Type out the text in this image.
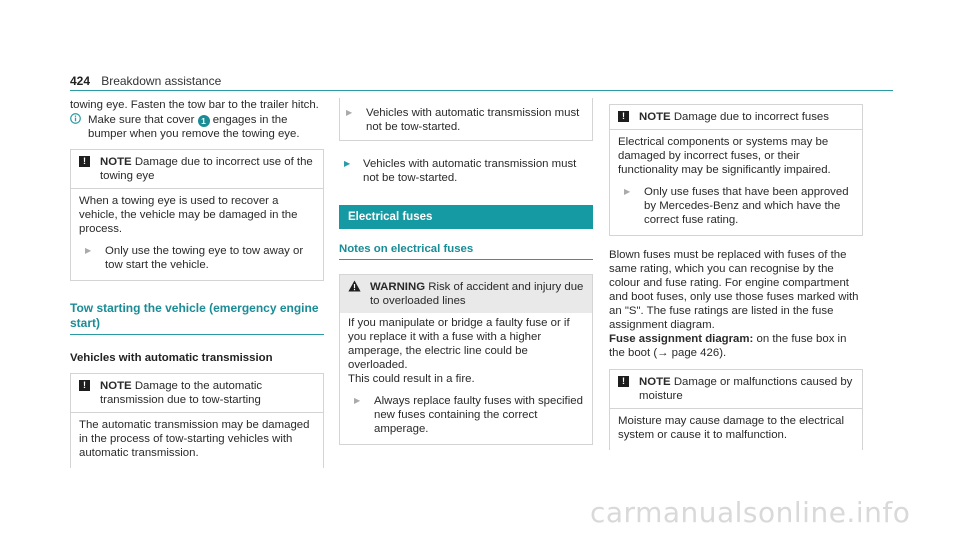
424 Breakdown assistance

towing eye. Fasten the tow bar to the trailer hitch.

Make sure that cover 1 engages in the bumper when you remove the towing eye.
!	NOTE Damage due to incorrect use of the towing eye

When a towing eye is used to recover a vehicle, the vehicle may be damaged in the process.

▶	Only use the towing eye to tow away or tow start the vehicle.
Tow starting the vehicle (emergency engine start)
Vehicles with automatic transmission
!	NOTE Damage to the automatic transmission due to tow-starting

The automatic transmission may be damaged in the process of tow-starting vehicles with automatic transmission.

▶	Vehicles with automatic transmission must not be tow-started.
▶	Vehicles with automatic transmission must not be tow-started.
Electrical fuses
Notes on electrical fuses
WARNING Risk of accident and injury due to overloaded lines

If you manipulate or bridge a faulty fuse or if you replace it with a fuse with a higher amperage, the electric line could be overloaded.

This could result in a fire.

▶	Always replace faulty fuses with specified new fuses containing the correct amperage.
!	NOTE Damage due to incorrect fuses

Electrical components or systems may be damaged by incorrect fuses, or their functionality may be significantly impaired.

▶	Only use fuses that have been approved by Mercedes-Benz and which have the correct fuse rating.

Blown fuses must be replaced with fuses of the same rating, which you can recognise by the colour and fuse rating. For engine compartment and boot fuses, only use those fuses marked with an "S". The fuse ratings are listed in the fuse assignment diagram.

Fuse assignment diagram: on the fuse box in the boot (→ page 426).

!	NOTE Damage or malfunctions caused by moisture

Moisture may cause damage to the electrical system or cause it to malfunction.

carmanualsonline.info
